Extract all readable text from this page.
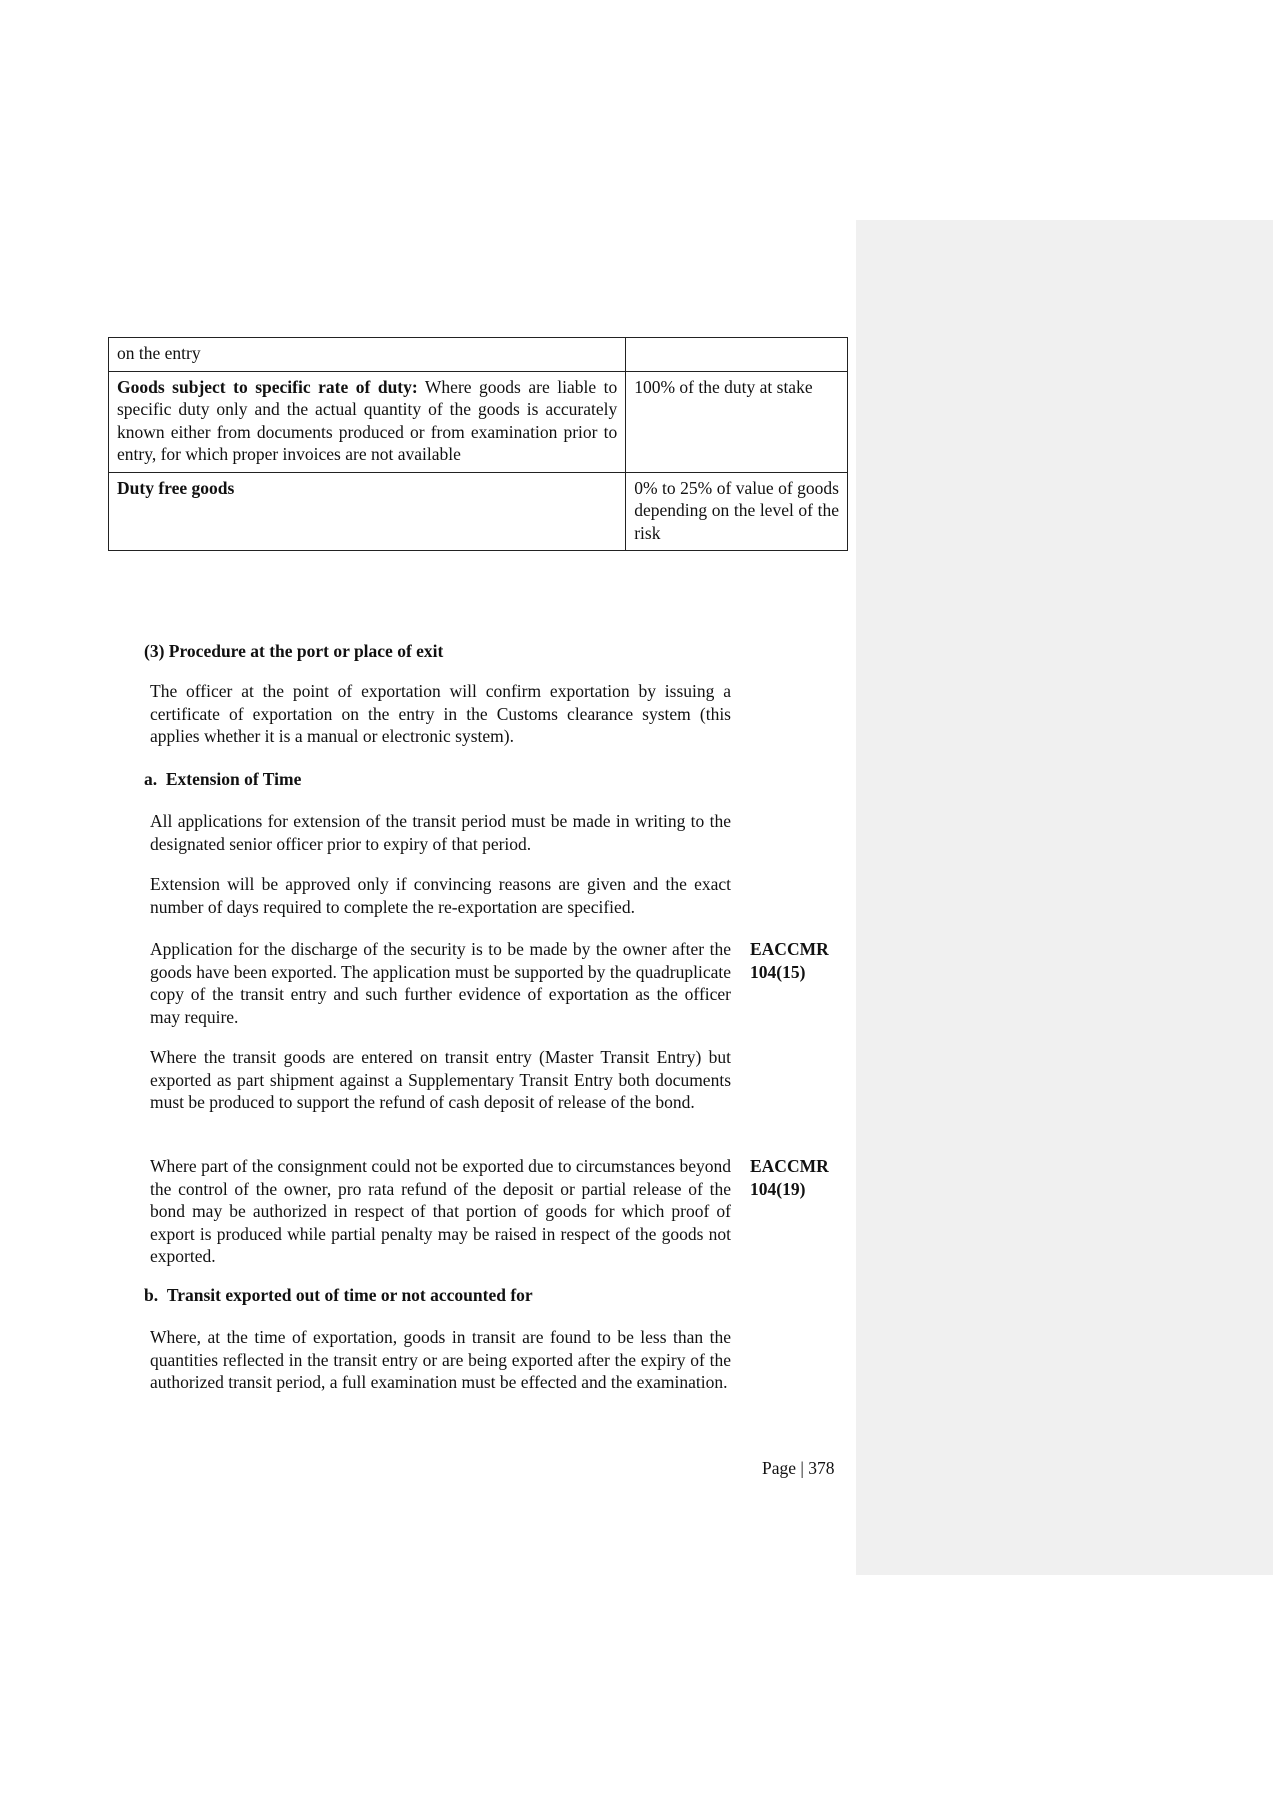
on the entry	
Goods subject to specific rate of duty: Where goods are liable to specific duty only and the actual quantity of the goods is accurately known either from documents produced or from examination prior to entry, for which proper invoices are not available	100% of the duty at stake
Duty free goods	0% to 25% of value of goods depending on the level of the risk
(3) Procedure at the port or place of exit

The officer at the point of exportation will confirm exportation by issuing a certificate of exportation on the entry in the Customs clearance system (this applies whether it is a manual or electronic system).

a.  Extension of Time

All applications for extension of the transit period must be made in writing to the designated senior officer prior to expiry of that period.

Extension will be approved only if convincing reasons are given and the exact number of days required to complete the re-exportation are specified.

Application for the discharge of the security is to be made by the owner after the goods have been exported. The application must be supported by the quadruplicate copy of the transit entry and such further evidence of exportation as the officer may require.

EACCMR
104(15)

Where the transit goods are entered on transit entry (Master Transit Entry) but exported as part shipment against a Supplementary Transit Entry both documents must be produced to support the refund of cash deposit of release of the bond.

Where part of the consignment could not be exported due to circumstances beyond the control of the owner, pro rata refund of the deposit or partial release of the bond may be authorized in respect of that portion of goods for which proof of export is produced while partial penalty may be raised in respect of the goods not exported.

EACCMR
104(19)
b.  Transit exported out of time or not accounted for

Where, at the time of exportation, goods in transit are found to be less than the quantities reflected in the transit entry or are being exported after the expiry of the authorized transit period, a full examination must be effected and the examination.

Page | 378
